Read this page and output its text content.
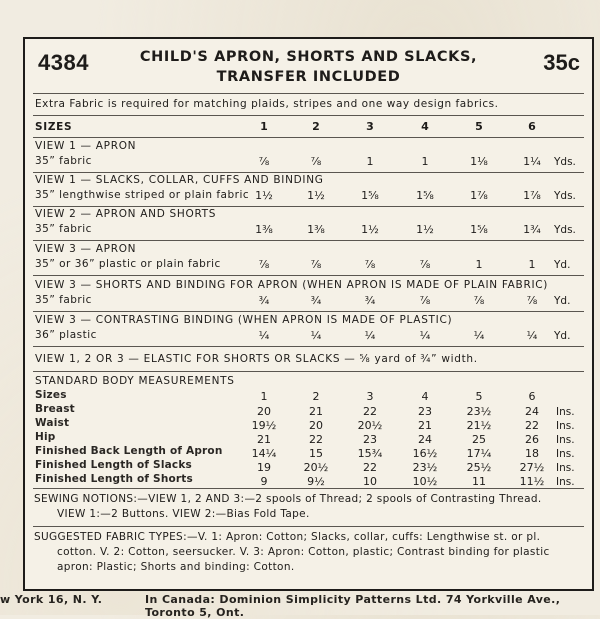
4384	CHILD'S APRON, SHORTS AND SLACKS,
TRANSFER INCLUDED
35c
Extra Fabric is required for matching plaids, stripes and one way design fabrics.
SIZES	1	2	3	4	5	6
VIEW 1 — APRON
35” fabric	⅞	⅞	1	1	1⅛	1¼	Yds.
VIEW 1 — SLACKS, COLLAR, CUFFS AND BINDING
35” lengthwise striped or plain fabric 1½	1½	1⅝	1⅝	1⅞	1⅞	Yds.
VIEW 2 — APRON AND SHORTS
35” fabric	1⅜	1⅜	1½	1½	1⅝	1¾	Yds.
VIEW 3 — APRON
35” or 36” plastic or plain fabric	⅞	⅞	⅞	⅞	1	1	Yd.
VIEW 3 — SHORTS AND BINDING FOR APRON (WHEN APRON IS MADE OF PLAIN FABRIC)
35” fabric	¾	¾	¾	⅞	⅞	⅞	Yd.
VIEW 3 — CONTRASTING BINDING (WHEN APRON IS MADE OF PLASTIC)
36” plastic	¼	¼	¼	¼	¼	¼	Yd.
VIEW 1, 2 OR 3 — ELASTIC FOR SHORTS OR SLACKS — ⅝ yard of ¾” width.
STANDARD BODY MEASUREMENTS
Sizes	1	2	3	4	5	6
Breast	20	21	22	23	23½	24	Ins.
Waist	19½	20	20½	21	21½	22	Ins.
Hip	21	22	23	24	25	26	Ins.
Finished Back Length of Apron	14¼	15	15¾	16½	17¼	18	Ins.
Finished Length of Slacks	19	20½	22	23½	25½	27½	Ins.
Finished Length of Shorts	9	9½	10	10½	11	11½	Ins.
SEWING NOTIONS:—VIEW 1, 2 AND 3:—2 spools of Thread; 2 spools of Contrasting Thread.
VIEW 1:—2 Buttons. VIEW 2:—Bias Fold Tape.
SUGGESTED FABRIC TYPES:—V. 1: Apron: Cotton; Slacks, collar, cuffs: Lengthwise st. or pl.
cotton. V. 2: Cotton, seersucker. V. 3: Apron: Cotton, plastic; Contrast binding for plastic
apron: Plastic; Shorts and binding: Cotton.
w York 16, N. Y.	In Canada: Dominion Simplicity Patterns Ltd. 74 Yorkville Ave., Toronto 5, Ont.
